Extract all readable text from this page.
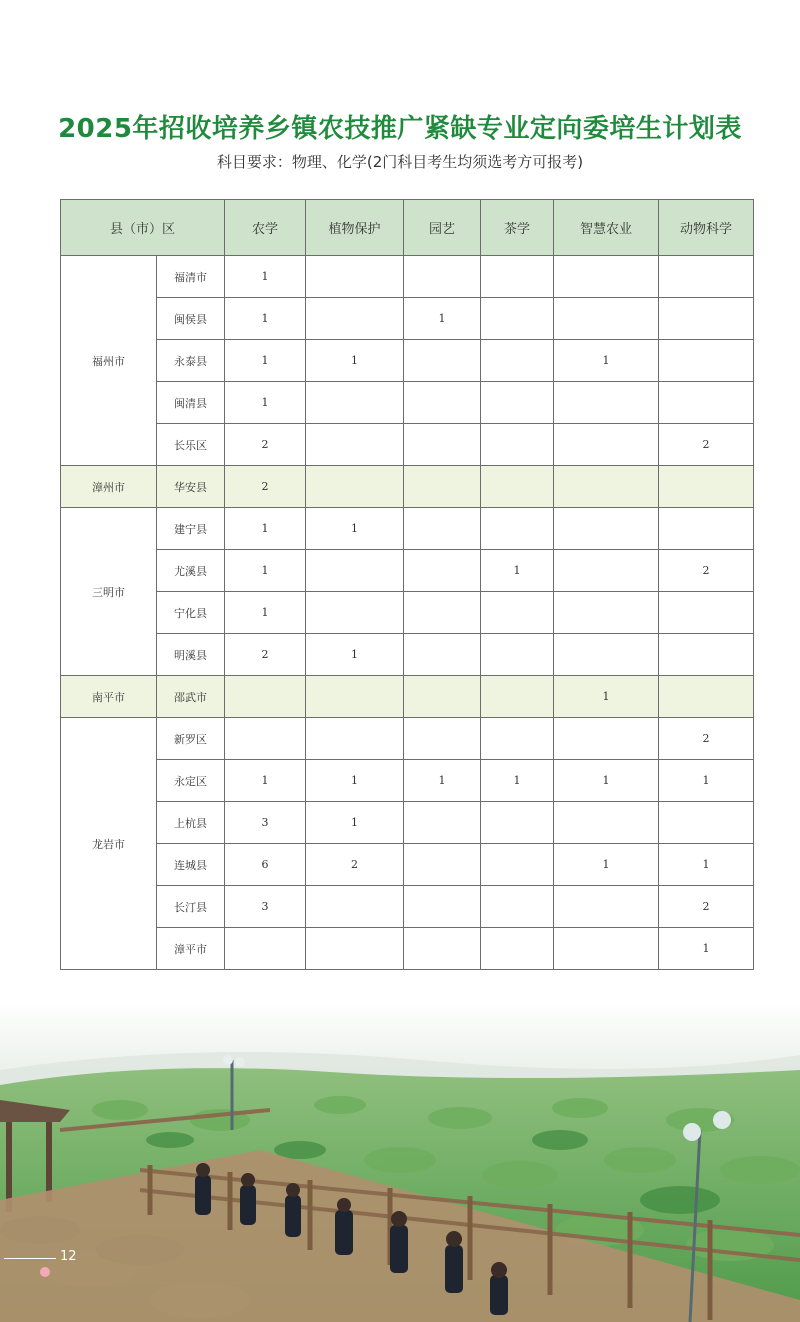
2025年招收培养乡镇农技推广紧缺专业定向委培生计划表
科目要求：物理、化学(2门科目考生均须选考方可报考)
县（市）区		农学	植物保护	园艺	茶学	智慧农业	动物科学
福州市	福清市	1					
	闽侯县	1		1			
	永泰县	1	1			1	
	闽清县	1					
	长乐区	2					2
漳州市	华安县	2					
三明市	建宁县	1	1				
	尤溪县	1			1		2
	宁化县	1					
	明溪县	2	1				
南平市	邵武市					1	
龙岩市	新罗区						2
	永定区	1	1	1	1	1	1
	上杭县	3	1				
	连城县	6	2			1	1
	长汀县	3					2
	漳平市						1
12
